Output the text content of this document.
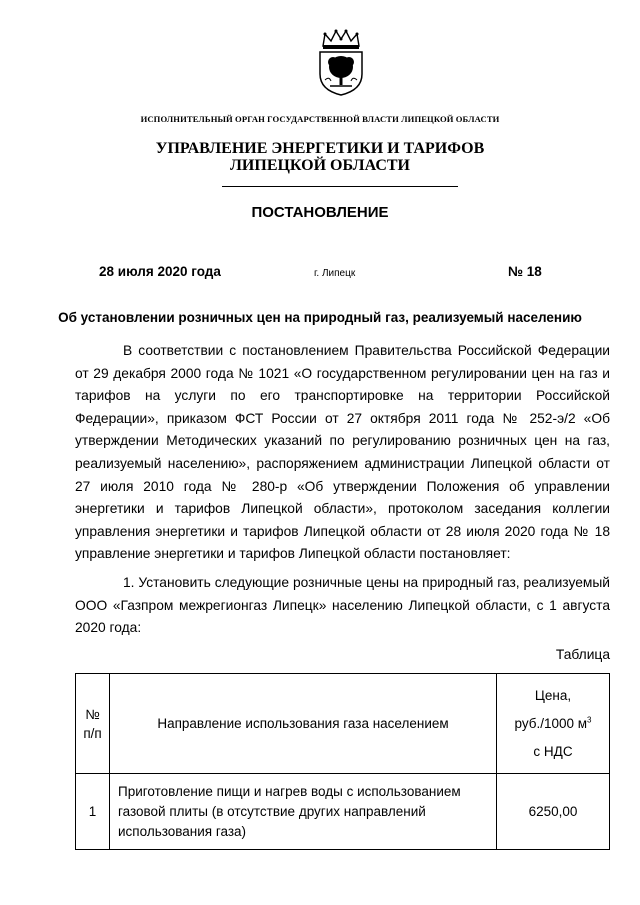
ИСПОЛНИТЕЛЬНЫЙ ОРГАН ГОСУДАРСТВЕННОЙ ВЛАСТИ ЛИПЕЦКОЙ ОБЛАСТИ
УПРАВЛЕНИЕ ЭНЕРГЕТИКИ И ТАРИФОВ
ЛИПЕЦКОЙ ОБЛАСТИ
ПОСТАНОВЛЕНИЕ
28 июля 2020 года	г. Липецк	№ 18
Об установлении розничных цен на природный газ, реализуемый населению

В соответствии с постановлением Правительства Российской Федерации от 29 декабря 2000 года № 1021 «О государственном регулировании цен на газ и тарифов на услуги по его транспортировке на территории Российской Федерации», приказом ФСТ России от 27 октября 2011 года № 252-э/2 «Об утверждении Методических указаний по регулированию розничных цен на газ, реализуемый населению», распоряжением администрации Липецкой области от 27 июля 2010 года № 280-р «Об утверждении Положения об управлении энергетики и тарифов Липецкой области», протоколом заседания коллегии управления энергетики и тарифов Липецкой области от 28 июля 2020 года № 18 управление энергетики и тарифов Липецкой области постановляет:

1. Установить следующие розничные цены на природный газ, реализуемый ООО «Газпром межрегионгаз Липецк» населению Липецкой области, с 1 августа 2020 года:

Таблица
№
п/п	Направление использования газа населением	Цена,
руб./1000 $м^3$
с НДС
1	Приготовление пищи и нагрев воды с использованием газовой плиты (в отсутствие других направлений использования газа)	6250,00
